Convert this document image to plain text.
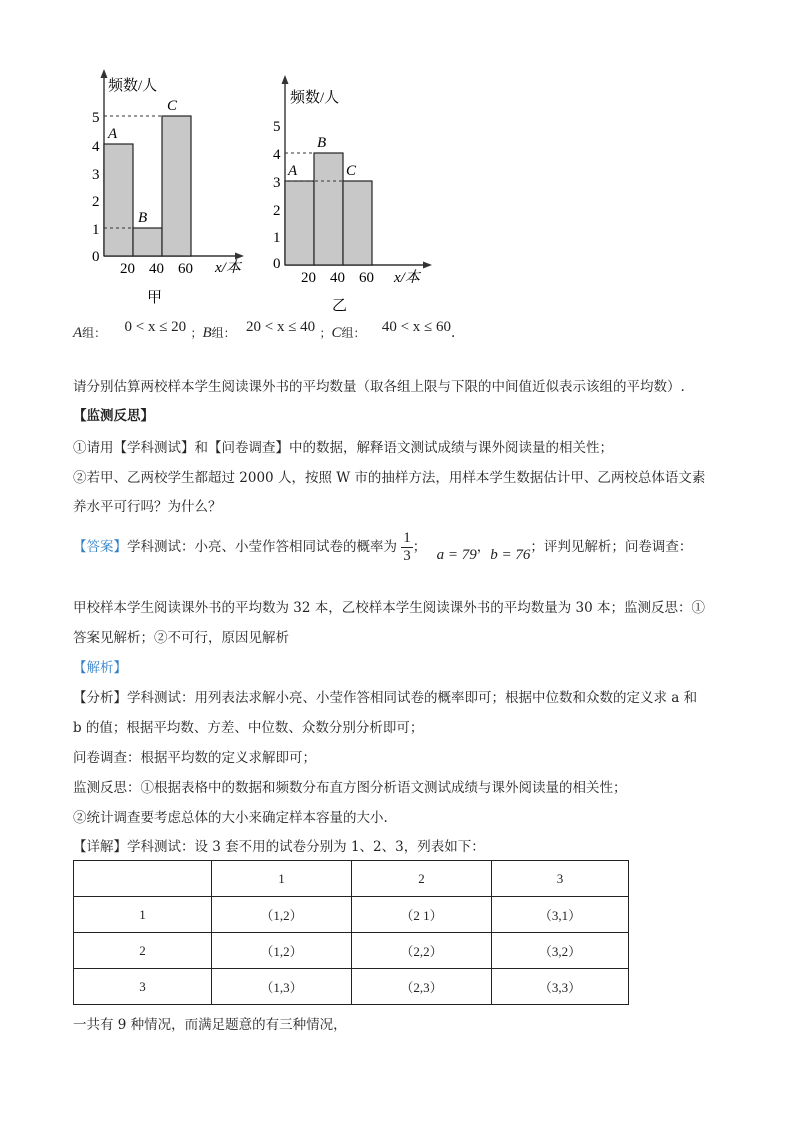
频数/人
x/本
0
1
2
3
4
5
20 40 60
A
B
C
甲
频数/人
x/本
0
1
2
3
4
5
20 40 60
A
B
C
乙
A组： 0 < x ≤ 20 ；B组： 20 < x ≤ 40 ；C组： 40 < x ≤ 60.
请分别估算两校样本学生阅读课外书的平均数量（取各组上限与下限的中间值近似表示该组的平均数）.
【监测反思】
①请用【学科测试】和【问卷调查】中的数据，解释语文测试成绩与课外阅读量的相关性；
②若甲、乙两校学生都超过 2000 人，按照 W 市的抽样方法，用样本学生数据估计甲、乙两校总体语文素
养水平可行吗？为什么？
【答案】学科测试：小亮、小莹作答相同试卷的概率为 $\frac{1}{3}$ ； a = 79，b = 76；评判见解析；问卷调查：
甲校样本学生阅读课外书的平均数为 32 本，乙校样本学生阅读课外书的平均数量为 30 本；监测反思：①
答案见解析；②不可行，原因见解析
【解析】
【分析】学科测试：用列表法求解小亮、小莹作答相同试卷的概率即可；根据中位数和众数的定义求 a 和
b 的值；根据平均数、方差、中位数、众数分别分析即可；
问卷调查：根据平均数的定义求解即可；
监测反思：①根据表格中的数据和频数分布直方图分析语文测试成绩与课外阅读量的相关性；
②统计调查要考虑总体的大小来确定样本容量的大小.
【详解】学科测试：设 3 套不用的试卷分别为 1、2、3，列表如下：
	1	2	3
1	（1,2）	（2 1）	（3,1）
2	（1,2）	（2,2）	（3,2）
3	（1,3）	（2,3）	（3,3）
一共有 9 种情况，而满足题意的有三种情况，
